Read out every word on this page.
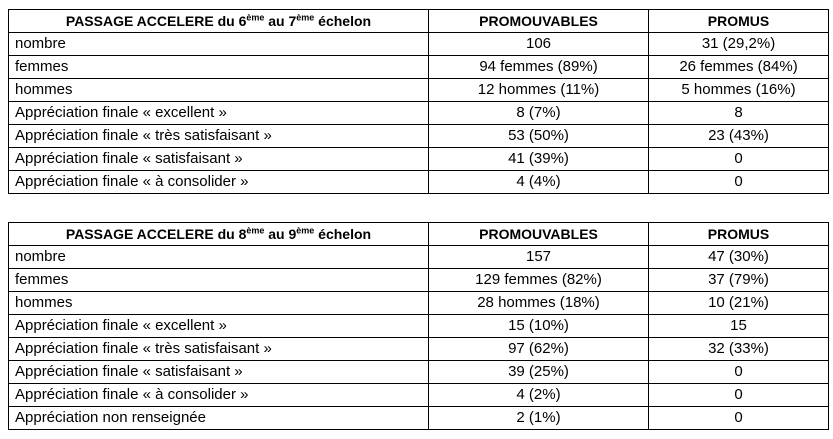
PASSAGE ACCELERE du 6ème au 7ème échelon	PROMOUVABLES	PROMUS
nombre	106	31 (29,2%)
femmes	94 femmes (89%)	26 femmes (84%)
hommes	12 hommes (11%)	5 hommes (16%)
Appréciation finale « excellent »	8 (7%)	8
Appréciation finale « très satisfaisant »	53 (50%)	23 (43%)
Appréciation finale « satisfaisant »	41 (39%)	0
Appréciation finale « à consolider »	4 (4%)	0
PASSAGE ACCELERE du 8ème au 9ème échelon	PROMOUVABLES	PROMUS
nombre	157	47 (30%)
femmes	129 femmes (82%)	37 (79%)
hommes	28 hommes (18%)	10 (21%)
Appréciation finale « excellent »	15 (10%)	15
Appréciation finale « très satisfaisant »	97 (62%)	32 (33%)
Appréciation finale « satisfaisant »	39 (25%)	0
Appréciation finale « à consolider »	4 (2%)	0
Appréciation non renseignée	2 (1%)	0
